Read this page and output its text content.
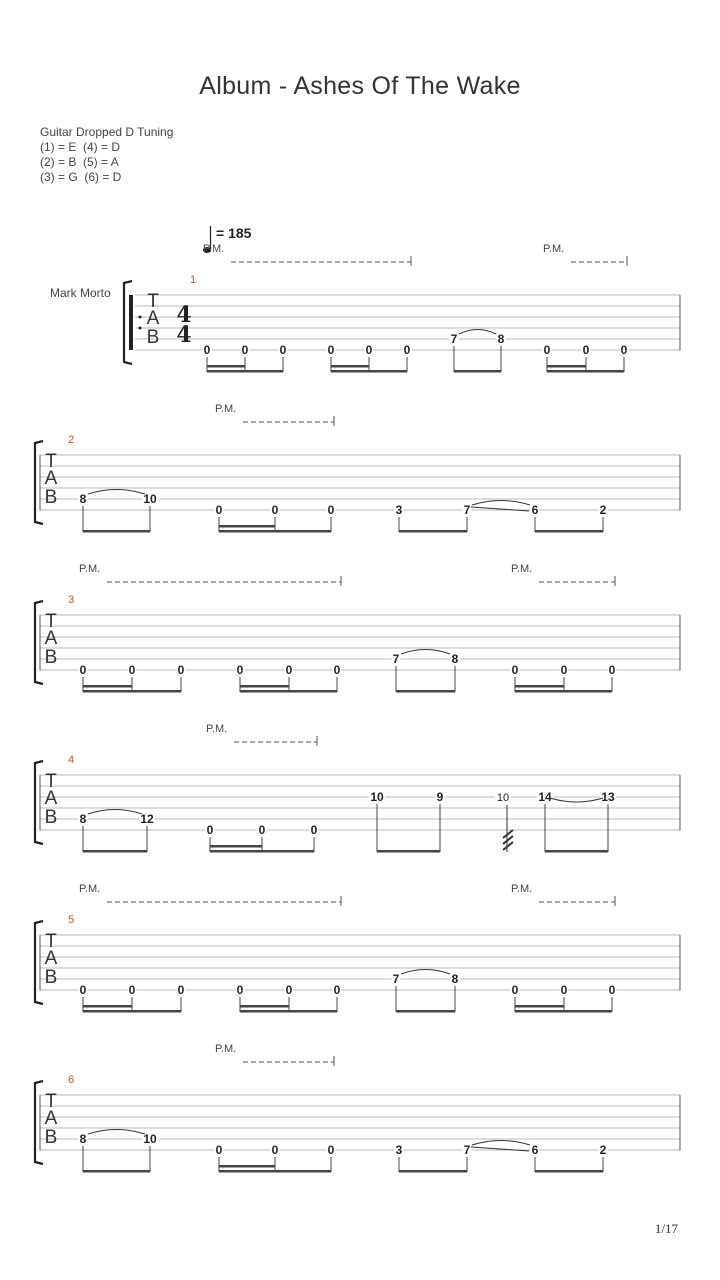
Album - Ashes Of The Wake
Guitar Dropped D Tuning
(1) = E  (4) = D
(2) = B  (5) = A
(3) = G  (6) = D
= 185
Mark Morto T
A
B
4
4
1
0	0	0	0	0	0
7	8
0	0	0
P.M.	P.M.
T
A
B
2
8	10
0	0	0	3	7	6	2
P.M.
T
A
B
3
0	0	0	0	0	0
7	8
0	0	0
P.M.	P.M.
T
A
B
4
8	12
0	0	0
10	9	10 14	13
P.M.
T
A
B
5
0	0	0	0	0	0
7	8
0	0	0
P.M.	P.M.
T
A
B
6
8	10
0	0	0	3	7	6	2
P.M.
1/17
